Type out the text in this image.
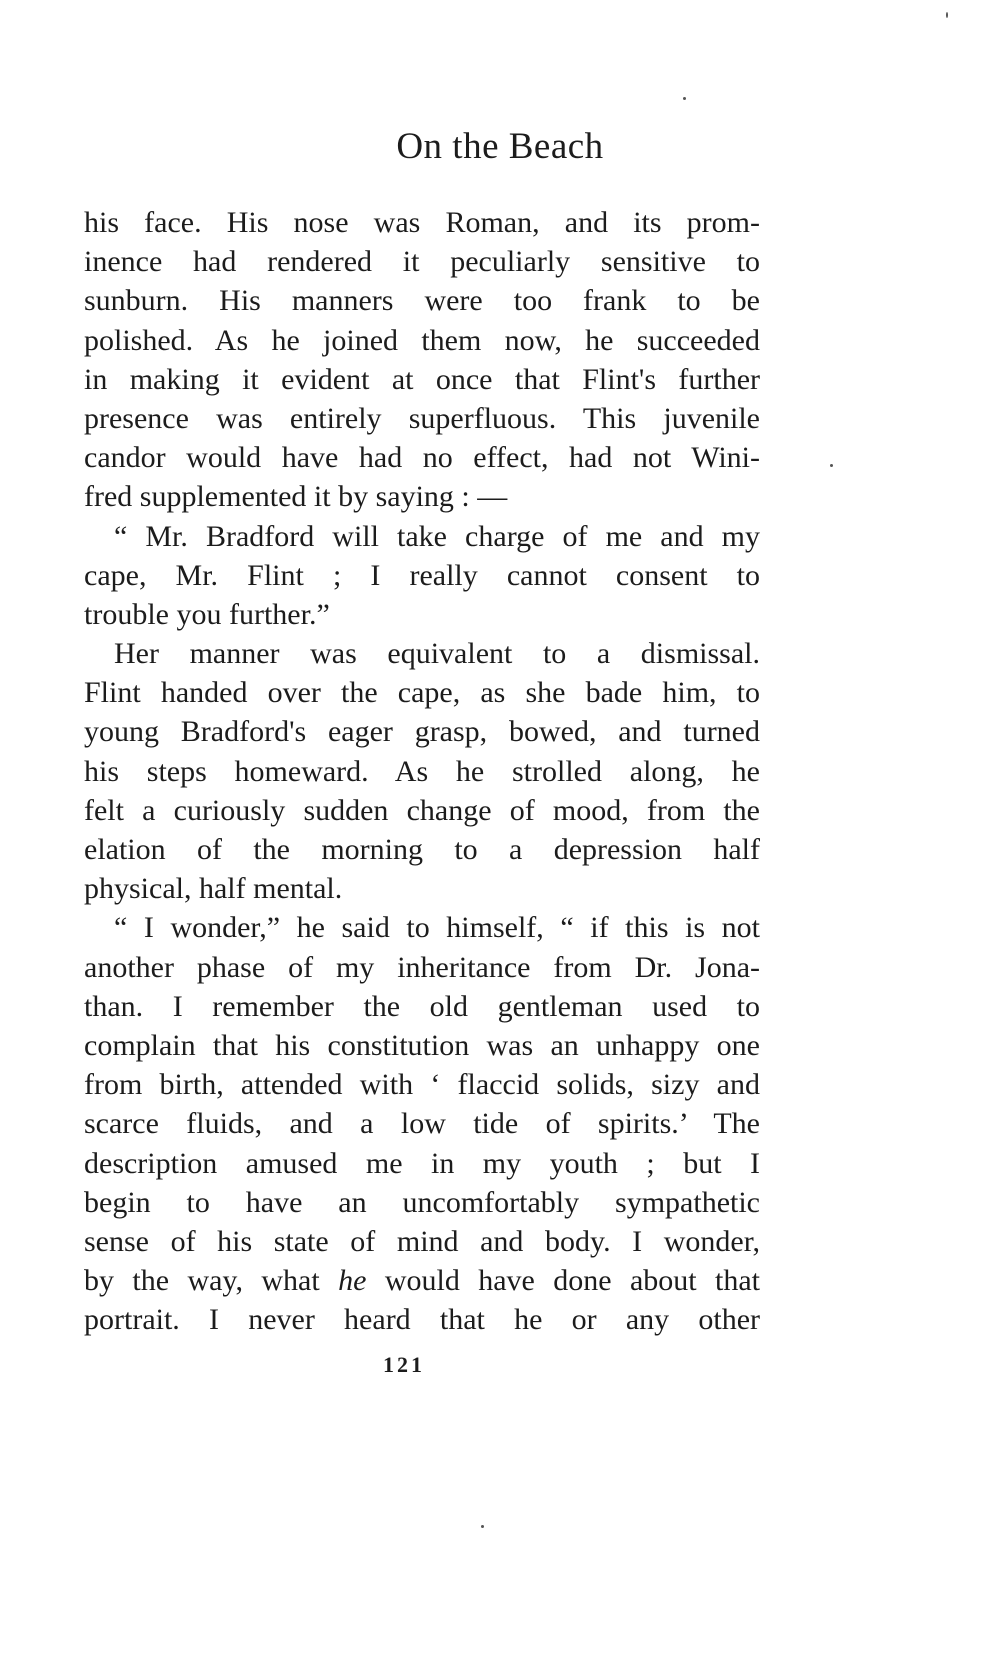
On the Beach
his face. His nose was Roman, and its prom-
inence had rendered it peculiarly sensitive to
sunburn. His manners were too frank to be
polished. As he joined them now, he succeeded
in making it evident at once that Flint's further
presence was entirely superfluous. This juvenile
candor would have had no effect, had not Wini-
fred supplemented it by saying : —
“ Mr. Bradford will take charge of me and my
cape, Mr. Flint ; I really cannot consent to
trouble you further.”
Her manner was equivalent to a dismissal.
Flint handed over the cape, as she bade him, to
young Bradford's eager grasp, bowed, and turned
his steps homeward. As he strolled along, he
felt a curiously sudden change of mood, from the
elation of the morning to a depression half
physical, half mental.
“ I wonder,” he said to himself, “ if this is not
another phase of my inheritance from Dr. Jona-
than. I remember the old gentleman used to
complain that his constitution was an unhappy one
from birth, attended with ‘ flaccid solids, sizy and
scarce fluids, and a low tide of spirits.’ The
description amused me in my youth ; but I
begin to have an uncomfortably sympathetic
sense of his state of mind and body. I wonder,
by the way, what he would have done about that
portrait. I never heard that he or any other
121
